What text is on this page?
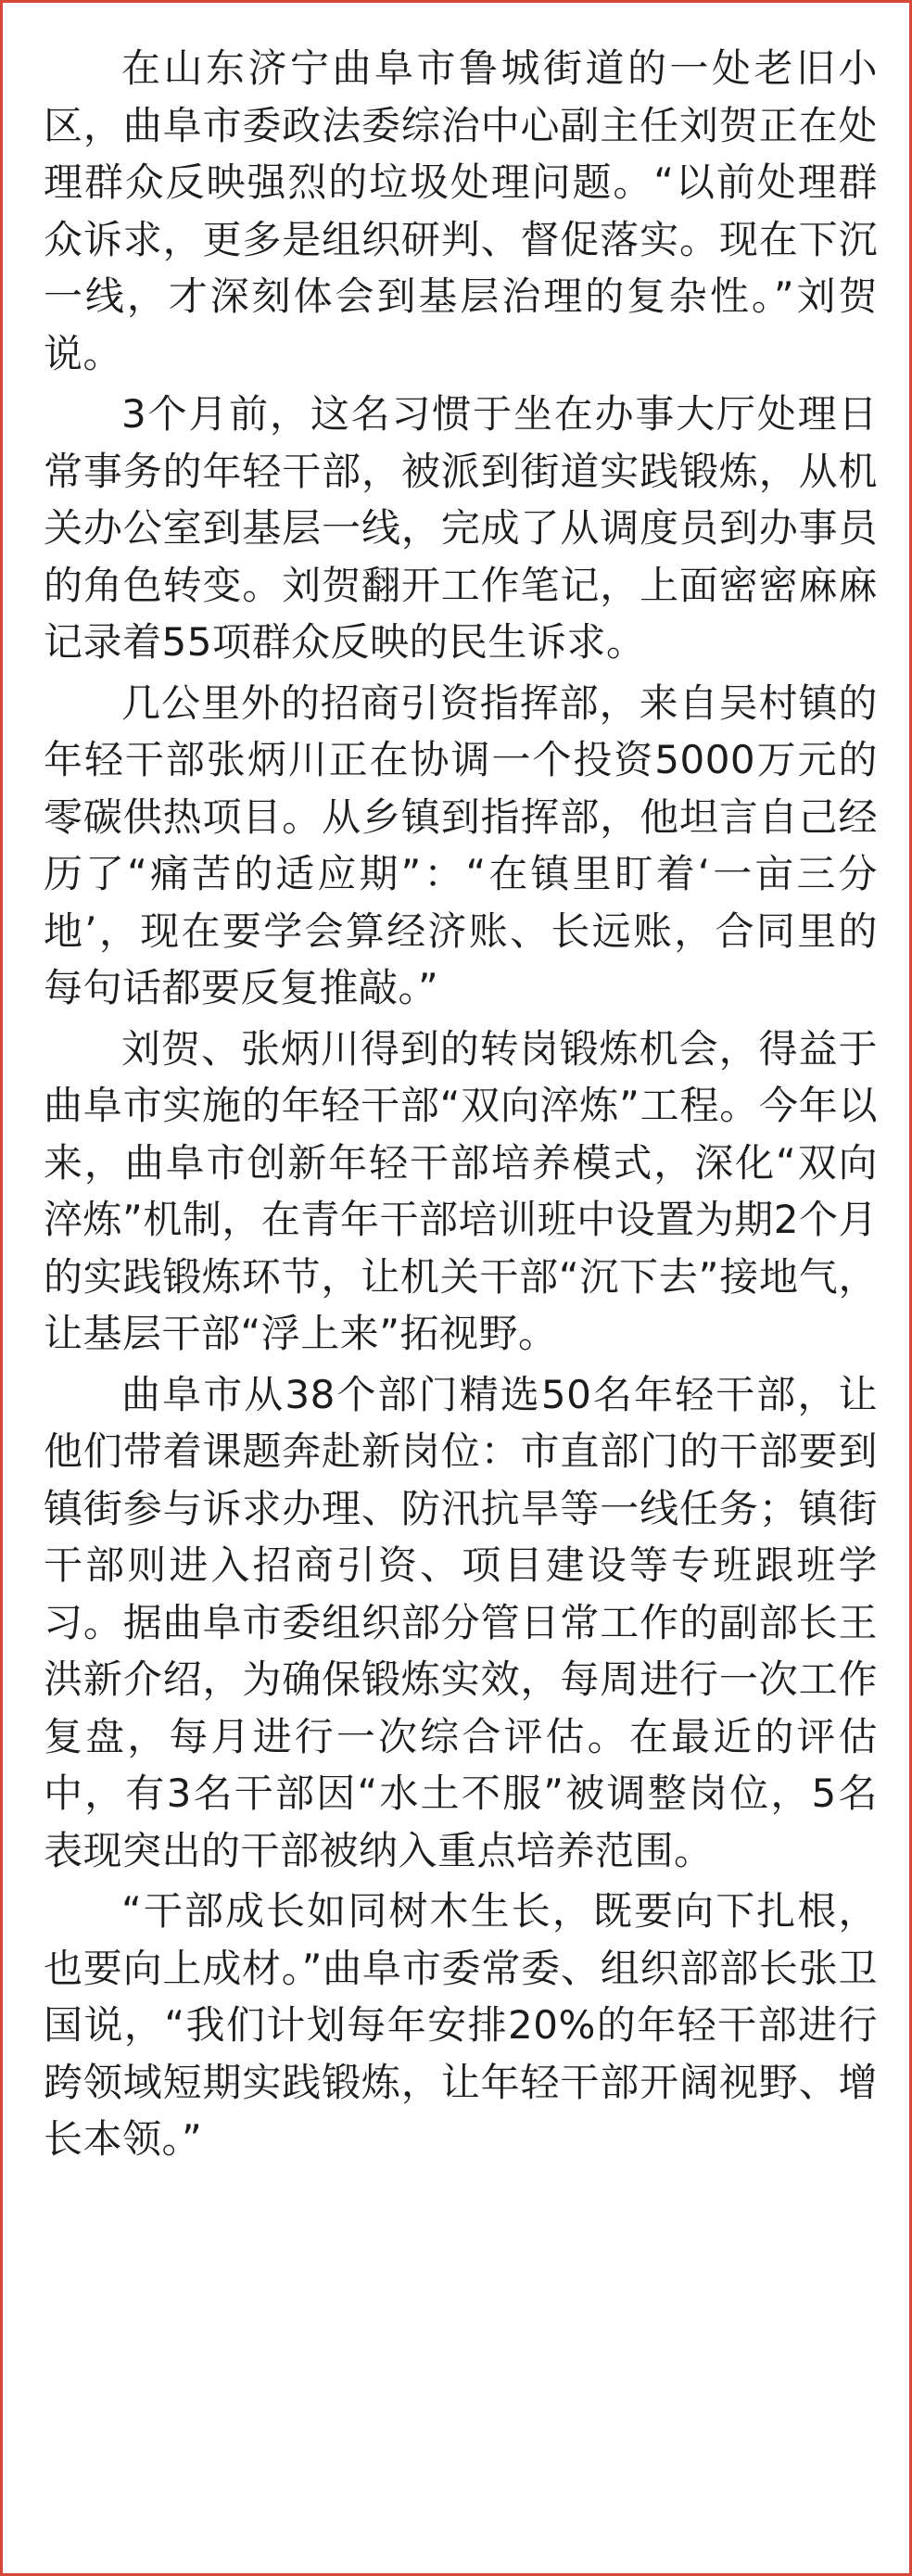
在山东济宁曲阜市鲁城街道的一处老旧小区，曲阜市委政法委综治中心副主任刘贺正在处理群众反映强烈的垃圾处理问题。“以前处理群众诉求，更多是组织研判、督促落实。现在下沉一线，才深刻体会到基层治理的复杂性。”刘贺说。

3个月前，这名习惯于坐在办事大厅处理日常事务的年轻干部，被派到街道实践锻炼，从机关办公室到基层一线，完成了从调度员到办事员的角色转变。刘贺翻开工作笔记，上面密密麻麻记录着55项群众反映的民生诉求。

几公里外的招商引资指挥部，来自吴村镇的年轻干部张炳川正在协调一个投资5000万元的零碳供热项目。从乡镇到指挥部，他坦言自己经历了“痛苦的适应期”：“在镇里盯着‘一亩三分地’，现在要学会算经济账、长远账，合同里的每句话都要反复推敲。”

刘贺、张炳川得到的转岗锻炼机会，得益于曲阜市实施的年轻干部“双向淬炼”工程。今年以来，曲阜市创新年轻干部培养模式，深化“双向淬炼”机制，在青年干部培训班中设置为期2个月的实践锻炼环节，让机关干部“沉下去”接地气，让基层干部“浮上来”拓视野。

曲阜市从38个部门精选50名年轻干部，让他们带着课题奔赴新岗位：市直部门的干部要到镇街参与诉求办理、防汛抗旱等一线任务；镇街干部则进入招商引资、项目建设等专班跟班学习。据曲阜市委组织部分管日常工作的副部长王洪新介绍，为确保锻炼实效，每周进行一次工作复盘，每月进行一次综合评估。在最近的评估中，有3名干部因“水土不服”被调整岗位，5名表现突出的干部被纳入重点培养范围。

“干部成长如同树木生长，既要向下扎根，也要向上成材。”曲阜市委常委、组织部部长张卫国说，“我们计划每年安排20%的年轻干部进行跨领域短期实践锻炼，让年轻干部开阔视野、增长本领。”
